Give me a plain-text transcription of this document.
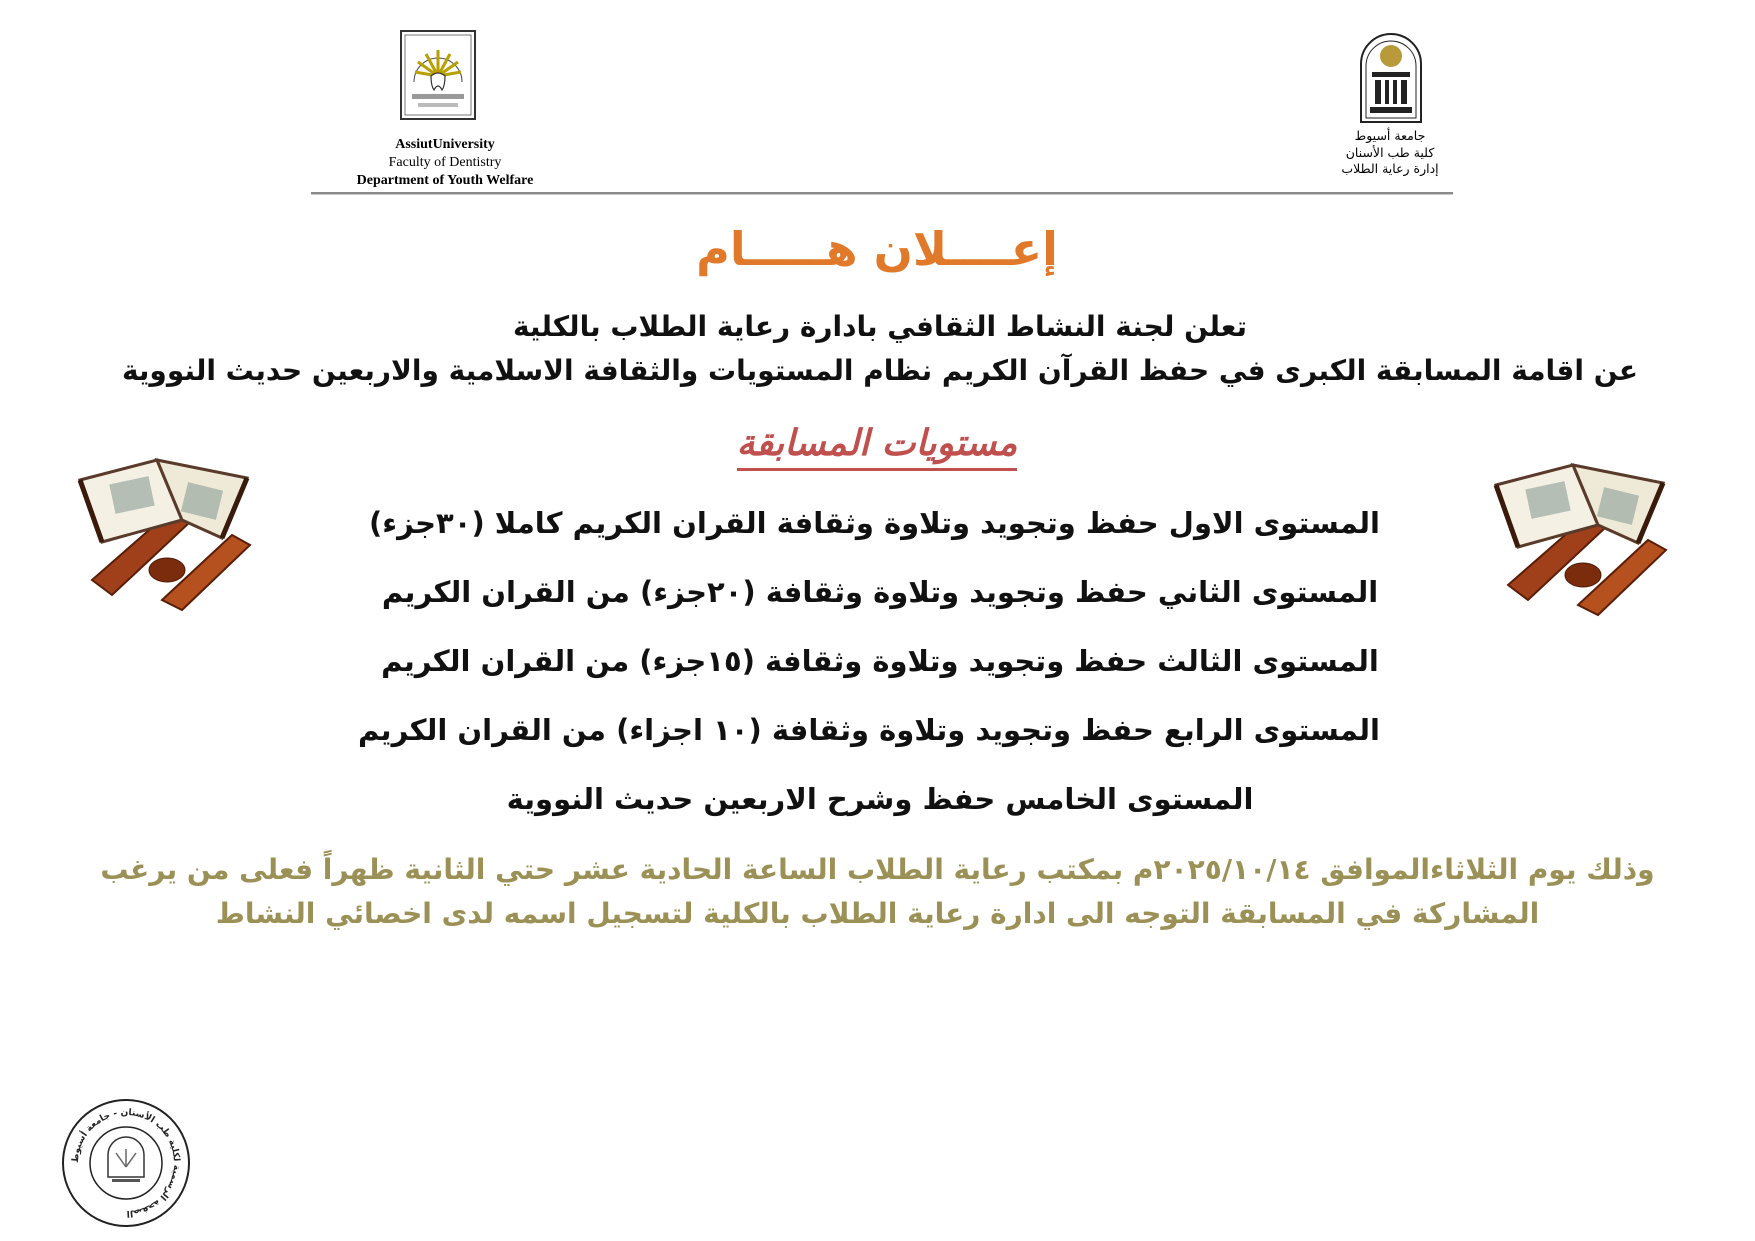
AssiutUniversity
Faculty of Dentistry
Department of Youth Welfare
جامعة أسيوط
كلية طب الأسنان
إدارة رعاية الطلاب
إعــــلان هـــــام
تعلن لجنة النشاط الثقافي بادارة رعاية الطلاب بالكلية
عن اقامة المسابقة الكبرى في حفظ القرآن الكريم نظام المستويات والثقافة الاسلامية والاربعين حديث النووية
مستويات المسابقة
المستوى الاول حفظ وتجويد وتلاوة وثقافة القران الكريم كاملا (٣٠جزء)
المستوى الثاني حفظ وتجويد وتلاوة وثقافة (٢٠جزء) من القران الكريم
المستوى الثالث حفظ وتجويد وتلاوة وثقافة (١٥جزء) من القران الكريم
المستوى الرابع حفظ وتجويد وتلاوة وثقافة (١٠ اجزاء) من القران الكريم
المستوى الخامس حفظ وشرح الاربعين حديث النووية
وذلك يوم الثلاثاءالموافق ٢٠٢٥/١٠/١٤م بمكتب رعاية الطلاب الساعة الحادية عشر حتي الثانية ظهراً فعلى من يرغب
المشاركة في المسابقة التوجه الى ادارة رعاية الطلاب بالكلية لتسجيل اسمه لدى اخصائي النشاط
الصفحة الرسمية لكلية طب الأسنان - جامعة أسيوط
